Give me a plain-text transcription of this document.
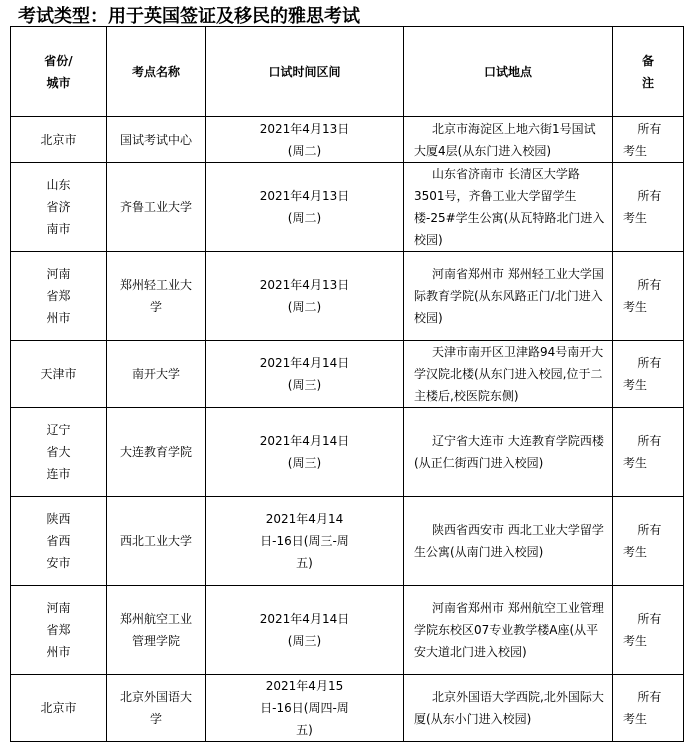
考试类型：用于英国签证及移民的雅思考试
省份/城市	考点名称	口试时间区间	口试地点	备注

北京市	国试考试中心	2021年4月13日(周二)	北京市海淀区上地六街1号国试大厦4层(从东门进入校园)	所有考生

山东省济南市	齐鲁工业大学	2021年4月13日(周二)	山东省济南市 长清区大学路3501号，齐鲁工业大学留学生楼-25#学生公寓(从瓦特路北门进入校园)	所有考生

河南省郑州市	郑州轻工业大学	2021年4月13日(周二)	河南省郑州市 郑州轻工业大学国际教育学院(从东风路正门/北门进入校园)	所有考生

天津市	南开大学	2021年4月14日(周三)	天津市南开区卫津路94号南开大学汉院北楼(从东门进入校园,位于二主楼后,校医院东侧)	所有考生

辽宁省大连市	大连教育学院	2021年4月14日(周三)	辽宁省大连市 大连教育学院西楼(从正仁街西门进入校园)	所有考生

陕西省西安市	西北工业大学	2021年4月14日-16日(周三-周五)	陕西省西安市 西北工业大学留学生公寓(从南门进入校园)	所有考生

河南省郑州市	郑州航空工业管理学院	2021年4月14日(周三)	河南省郑州市 郑州航空工业管理学院东校区07专业教学楼A座(从平安大道北门进入校园)	所有考生

北京市	北京外国语大学	2021年4月15日-16日(周四-周五)	北京外国语大学西院,北外国际大厦(从东小门进入校园)	所有考生
